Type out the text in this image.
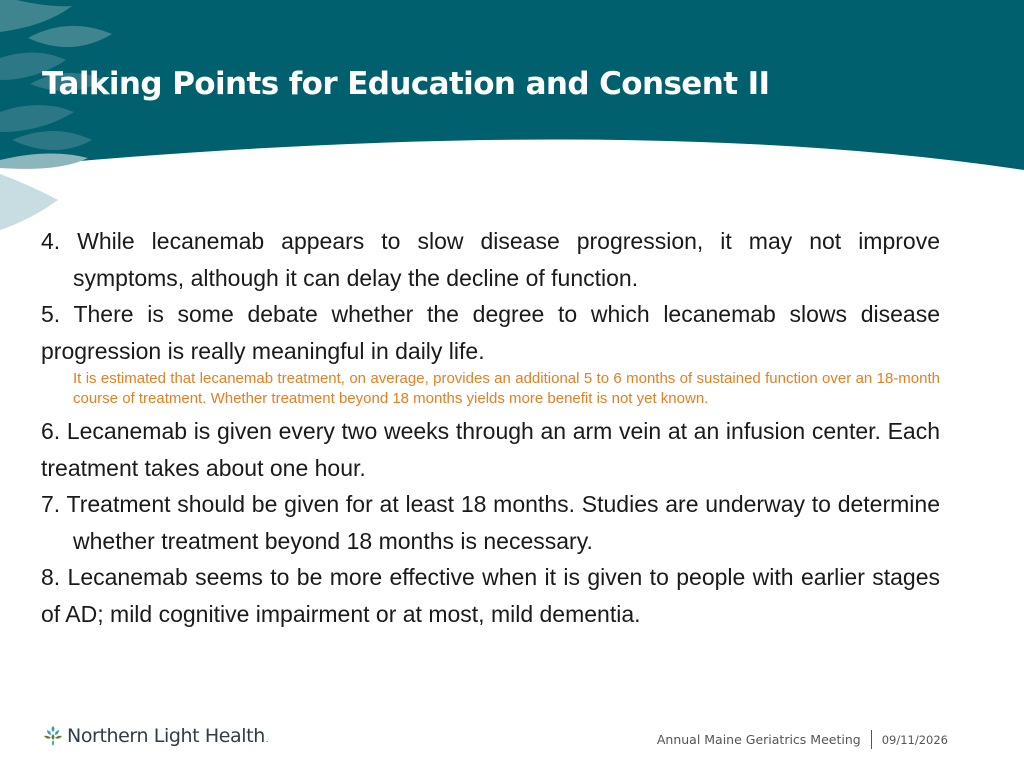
Talking Points for Education and Consent II

4. While lecanemab appears to slow disease progression, it may not improve symptoms, although it can delay the decline of function.

5. There is some debate whether the degree to which lecanemab slows disease progression is really meaningful in daily life.

It is estimated that lecanemab treatment, on average, provides an additional 5 to 6 months of sustained function over an 18-month course of treatment. Whether treatment beyond 18 months yields more benefit is not yet known.

6. Lecanemab is given every two weeks through an arm vein at an infusion center. Each treatment takes about one hour.

7. Treatment should be given for at least 18 months. Studies are underway to determine whether treatment beyond 18 months is necessary.

8. Lecanemab seems to be more effective when it is given to people with earlier stages of AD; mild cognitive impairment or at most, mild dementia.

Northern Light Health .	Annual Maine Geriatrics Meeting 09/11/2026
